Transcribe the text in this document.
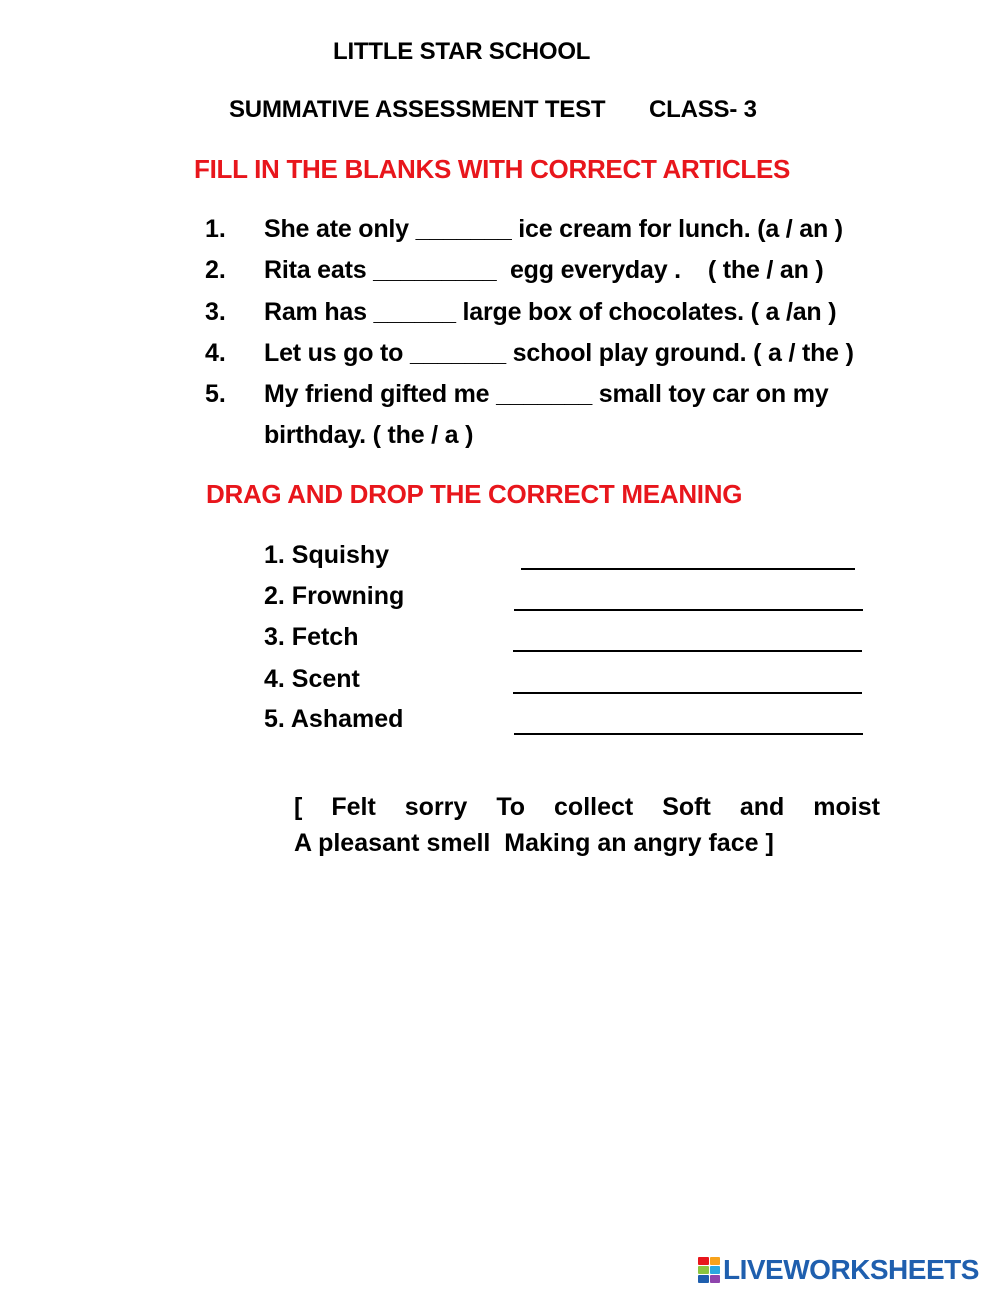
LITTLE STAR SCHOOL
SUMMATIVE ASSESSMENT TEST CLASS- 3
FILL IN THE BLANKS WITH CORRECT ARTICLES
1. She ate only _______ ice cream for lunch. (a / an )
2. Rita eats _________  egg everyday .    ( the / an )
3. Ram has ______ large box of chocolates. ( a /an )
4. Let us go to _______ school play ground. ( a / the )
5. My friend gifted me _______ small toy car on my
birthday. ( the / a )
DRAG AND DROP THE CORRECT MEANING
1. Squishy
2. Frowning
3. Fetch
4. Scent
5. Ashamed
[ Felt sorry To collect Soft and moist
A pleasant smell  Making an angry face ]
LIVEWORKSHEETS
